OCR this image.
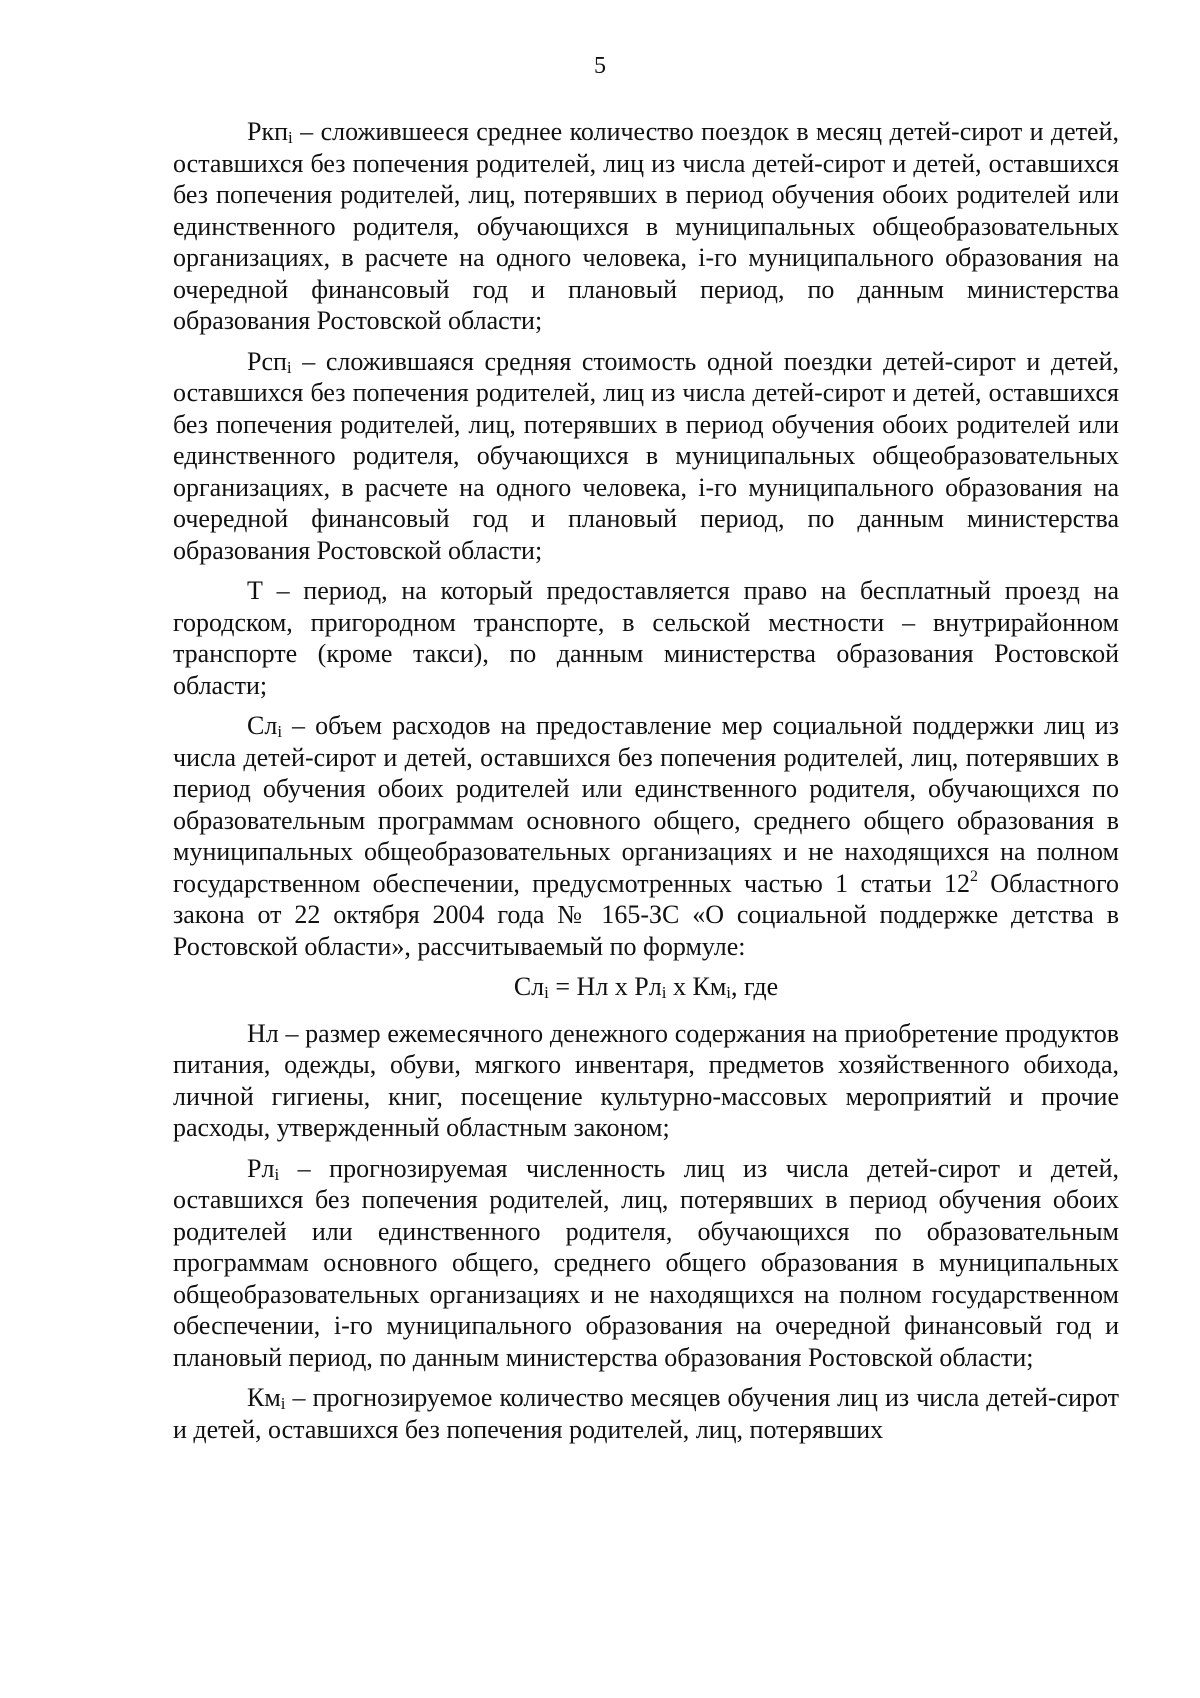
5

Ркпi – сложившееся среднее количество поездок в месяц детей-сирот и детей, оставшихся без попечения родителей, лиц из числа детей-сирот и детей, оставшихся без попечения родителей, лиц, потерявших в период обучения обоих родителей или единственного родителя, обучающихся в муниципальных общеобразовательных организациях, в расчете на одного человека, i-го муниципального образования на очередной финансовый год и плановый период, по данным министерства образования Ростовской области;

Рспi – сложившаяся средняя стоимость одной поездки детей-сирот и детей, оставшихся без попечения родителей, лиц из числа детей-сирот и детей, оставшихся без попечения родителей, лиц, потерявших в период обучения обоих родителей или единственного родителя, обучающихся в муниципальных общеобразовательных организациях, в расчете на одного человека, i-го муниципального образования на очередной финансовый год и плановый период, по данным министерства образования Ростовской области;

Т – период, на который предоставляется право на бесплатный проезд на городском, пригородном транспорте, в сельской местности – внутрирайонном транспорте (кроме такси), по данным министерства образования Ростовской области;

Слi – объем расходов на предоставление мер социальной поддержки лиц из числа детей-сирот и детей, оставшихся без попечения родителей, лиц, потерявших в период обучения обоих родителей или единственного родителя, обучающихся по образовательным программам основного общего, среднего общего образования в муниципальных общеобразовательных организациях и не находящихся на полном государственном обеспечении, предусмотренных частью 1 статьи $12^2$ Областного закона от 22 октября 2004 года № 165-ЗС «О социальной поддержке детства в Ростовской области», рассчитываемый по формуле:

Слi = Нл х Рлi х Кмi, где

Нл – размер ежемесячного денежного содержания на приобретение продуктов питания, одежды, обуви, мягкого инвентаря, предметов хозяйственного обихода, личной гигиены, книг, посещение культурно-массовых мероприятий и прочие расходы, утвержденный областным законом;

Рлi – прогнозируемая численность лиц из числа детей-сирот и детей, оставшихся без попечения родителей, лиц, потерявших в период обучения обоих родителей или единственного родителя, обучающихся по образовательным программам основного общего, среднего общего образования в муниципальных общеобразовательных организациях и не находящихся на полном государственном обеспечении, i-го муниципального образования на очередной финансовый год и плановый период, по данным министерства образования Ростовской области;

Кмi – прогнозируемое количество месяцев обучения лиц из числа детей-сирот и детей, оставшихся без попечения родителей, лиц, потерявших
